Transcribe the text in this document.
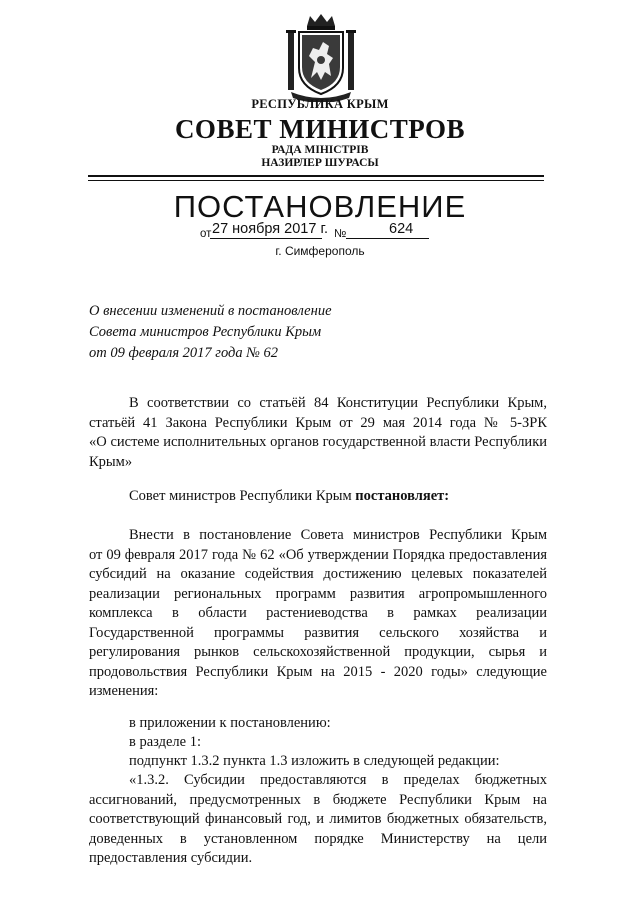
РЕСПУБЛИКА КРЫМ
СОВЕТ МИНИСТРОВ
РАДА МІНІСТРІВ
НАЗИРЛЕР ШУРАСЫ
ПОСТАНОВЛЕНИЕ
от 27 ноября 2017 г. №	624
г. Симферополь
О внесении изменений в постановление
Совета министров Республики Крым
от 09 февраля 2017 года № 62
В соответствии со статьёй 84 Конституции Республики Крым,
статьёй 41 Закона Республики Крым от 29 мая 2014 года № 5-ЗРК
«О системе исполнительных органов государственной власти Республики
Крым»
Совет министров Республики Крым постановляет:
Внести в постановление Совета министров Республики Крым
от 09 февраля 2017 года № 62 «Об утверждении Порядка предоставления
субсидий на оказание содействия достижению целевых показателей
реализации региональных программ развития агропромышленного
комплекса в области растениеводства в рамках реализации
Государственной программы развития сельского хозяйства и
регулирования рынков сельскохозяйственной продукции, сырья и
продовольствия Республики Крым на 2015 - 2020 годы» следующие
изменения:
в приложении к постановлению:
в разделе 1:
подпункт 1.3.2 пункта 1.3 изложить в следующей редакции:
«1.3.2. Субсидии предоставляются в пределах бюджетных
ассигнований, предусмотренных в бюджете Республики Крым на
соответствующий финансовый год, и лимитов бюджетных обязательств,
доведенных в установленном порядке Министерству на цели
предоставления субсидии.
